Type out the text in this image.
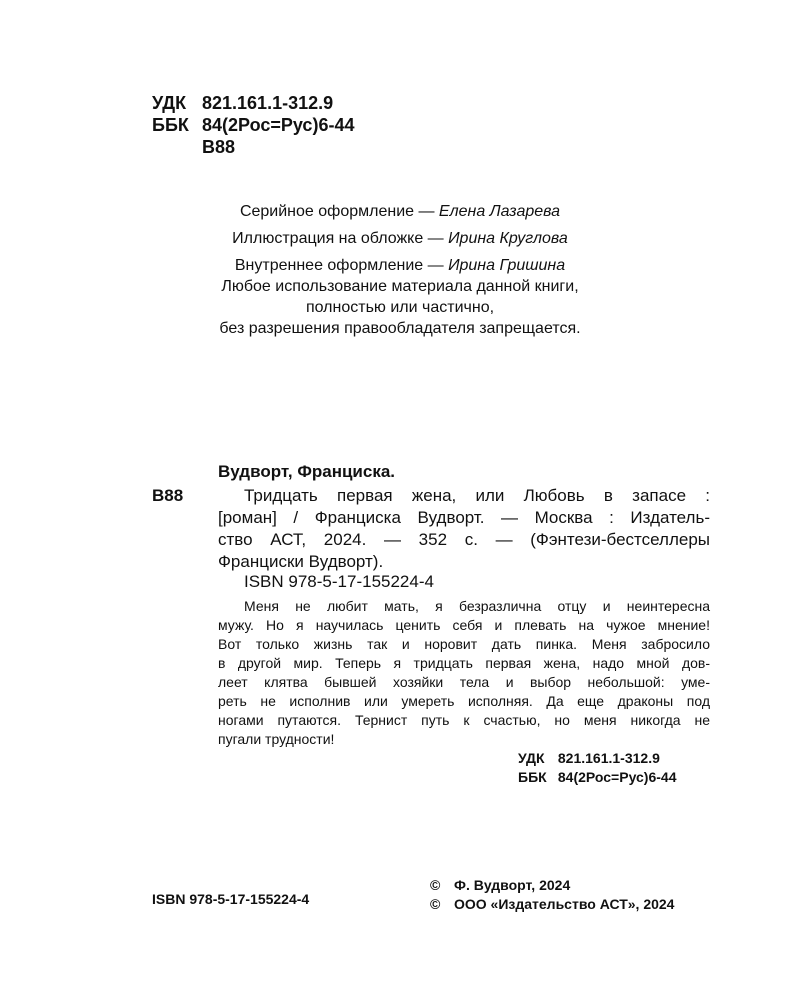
УДК 821.161.1-312.9
ББК 84(2Рос=Рус)6-44
В88
Серийное оформление — Елена Лазарева
Иллюстрация на обложке — Ирина Круглова
Внутреннее оформление — Ирина Гришина
Любое использование материала данной книги,
полностью или частично,
без разрешения правообладателя запрещается.
Вудворт, Франциска.
В88	Тридцать первая жена, или Любовь в запасе :
[роман] / Франциска Вудворт. — Москва : Издатель-
ство АСТ, 2024. — 352 с. — (Фэнтези-бестселлеры
Франциски Вудворт).
ISBN 978-5-17-155224-4
Меня не любит мать, я безразлична отцу и неинтересна
мужу. Но я научилась ценить себя и плевать на чужое мнение!
Вот только жизнь так и норовит дать пинка. Меня забросило
в другой мир. Теперь я тридцать первая жена, надо мной дов-
леет клятва бывшей хозяйки тела и выбор небольшой: уме-
реть не исполнив или умереть исполняя. Да еще драконы под
ногами путаются. Тернист путь к счастью, но меня никогда не
пугали трудности!
УДК 821.161.1-312.9
ББК 84(2Рос=Рус)6-44
ISBN 978-5-17-155224-4
© Ф. Вудворт, 2024
© ООО «Издательство АСТ», 2024
